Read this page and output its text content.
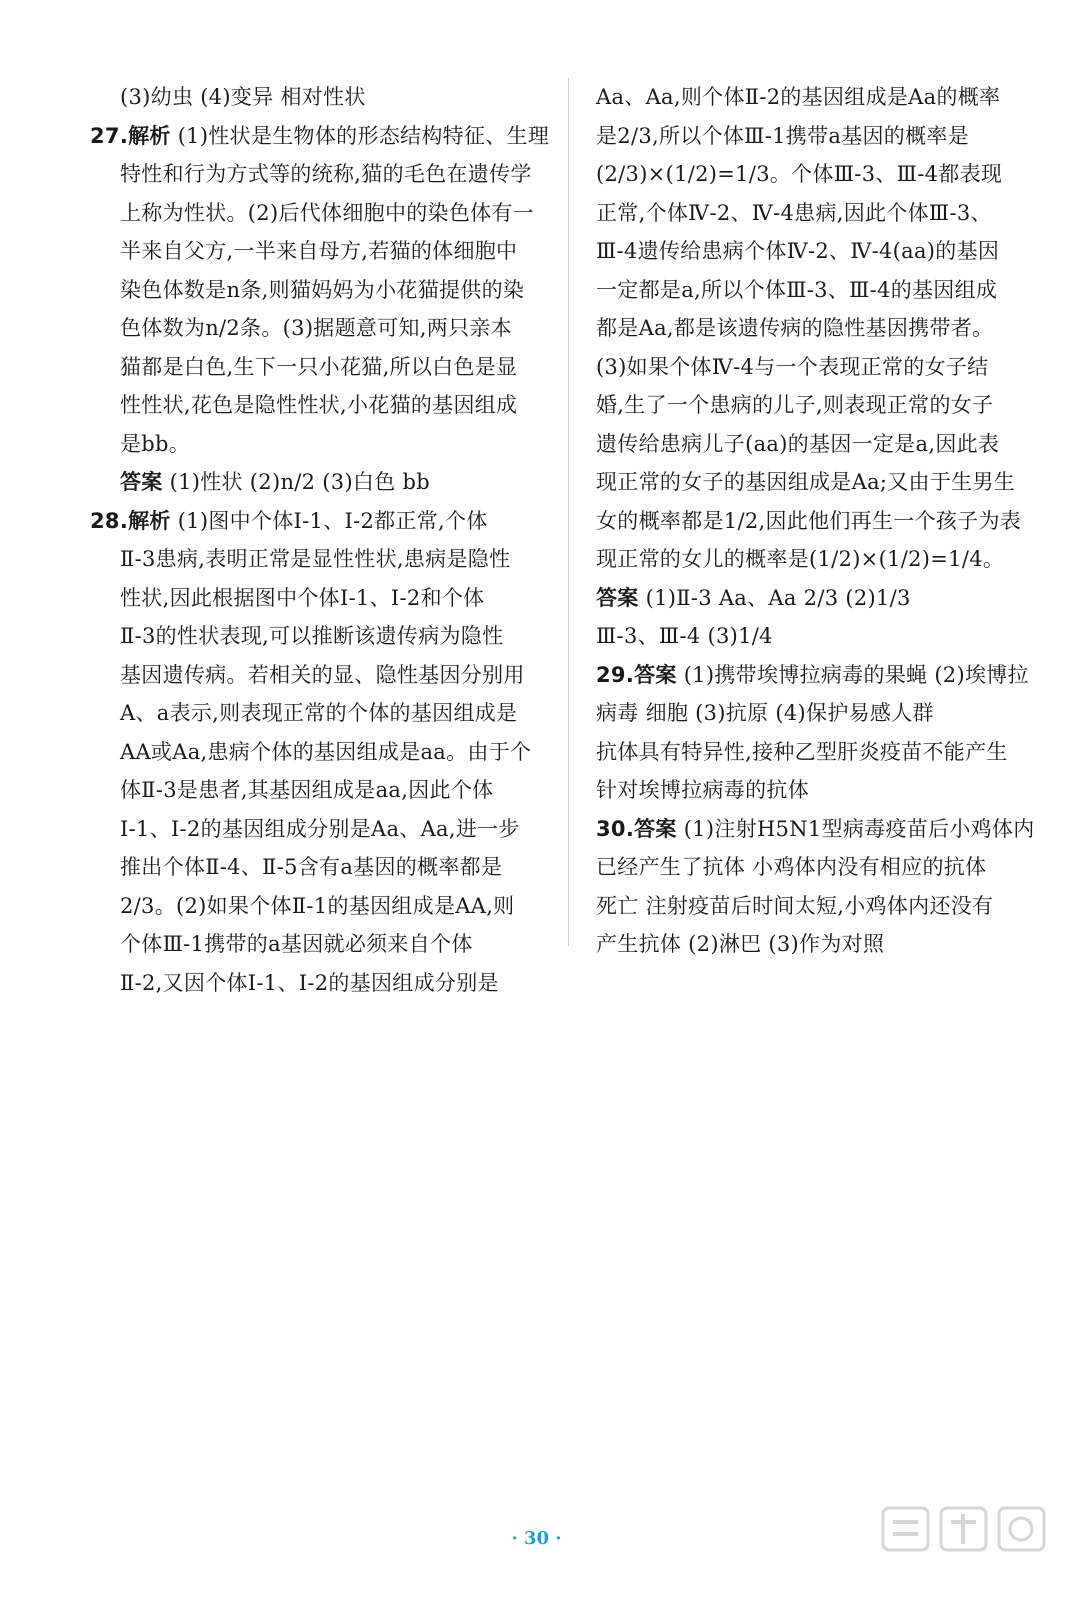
(3)幼虫 (4)变异 相对性状
27.解析 (1)性状是生物体的形态结构特征、生理
特性和行为方式等的统称,猫的毛色在遗传学
上称为性状。(2)后代体细胞中的染色体有一
半来自父方,一半来自母方,若猫的体细胞中
染色体数是n条,则猫妈妈为小花猫提供的染
色体数为n/2条。(3)据题意可知,两只亲本
猫都是白色,生下一只小花猫,所以白色是显
性性状,花色是隐性性状,小花猫的基因组成
是bb。
答案 (1)性状 (2)n/2 (3)白色 bb
28.解析 (1)图中个体Ⅰ-1、Ⅰ-2都正常,个体
Ⅱ-3患病,表明正常是显性性状,患病是隐性
性状,因此根据图中个体Ⅰ-1、Ⅰ-2和个体
Ⅱ-3的性状表现,可以推断该遗传病为隐性
基因遗传病。若相关的显、隐性基因分别用
A、a表示,则表现正常的个体的基因组成是
AA或Aa,患病个体的基因组成是aa。由于个
体Ⅱ-3是患者,其基因组成是aa,因此个体
Ⅰ-1、Ⅰ-2的基因组成分别是Aa、Aa,进一步
推出个体Ⅱ-4、Ⅱ-5含有a基因的概率都是
2/3。(2)如果个体Ⅱ-1的基因组成是AA,则
个体Ⅲ-1携带的a基因就必须来自个体
Ⅱ-2,又因个体Ⅰ-1、Ⅰ-2的基因组成分别是
Aa、Aa,则个体Ⅱ-2的基因组成是Aa的概率
是2/3,所以个体Ⅲ-1携带a基因的概率是
(2/3)×(1/2)=1/3。个体Ⅲ-3、Ⅲ-4都表现
正常,个体Ⅳ-2、Ⅳ-4患病,因此个体Ⅲ-3、
Ⅲ-4遗传给患病个体Ⅳ-2、Ⅳ-4(aa)的基因
一定都是a,所以个体Ⅲ-3、Ⅲ-4的基因组成
都是Aa,都是该遗传病的隐性基因携带者。
(3)如果个体Ⅳ-4与一个表现正常的女子结
婚,生了一个患病的儿子,则表现正常的女子
遗传给患病儿子(aa)的基因一定是a,因此表
现正常的女子的基因组成是Aa;又由于生男生
女的概率都是1/2,因此他们再生一个孩子为表
现正常的女儿的概率是(1/2)×(1/2)=1/4。
答案 (1)Ⅱ-3 Aa、Aa 2/3 (2)1/3
Ⅲ-3、Ⅲ-4 (3)1/4
29.答案 (1)携带埃博拉病毒的果蝇 (2)埃博拉
病毒 细胞 (3)抗原 (4)保护易感人群
抗体具有特异性,接种乙型肝炎疫苗不能产生
针对埃博拉病毒的抗体
30.答案 (1)注射H5N1型病毒疫苗后小鸡体内
已经产生了抗体 小鸡体内没有相应的抗体
死亡 注射疫苗后时间太短,小鸡体内还没有
产生抗体 (2)淋巴 (3)作为对照
· 30 ·
